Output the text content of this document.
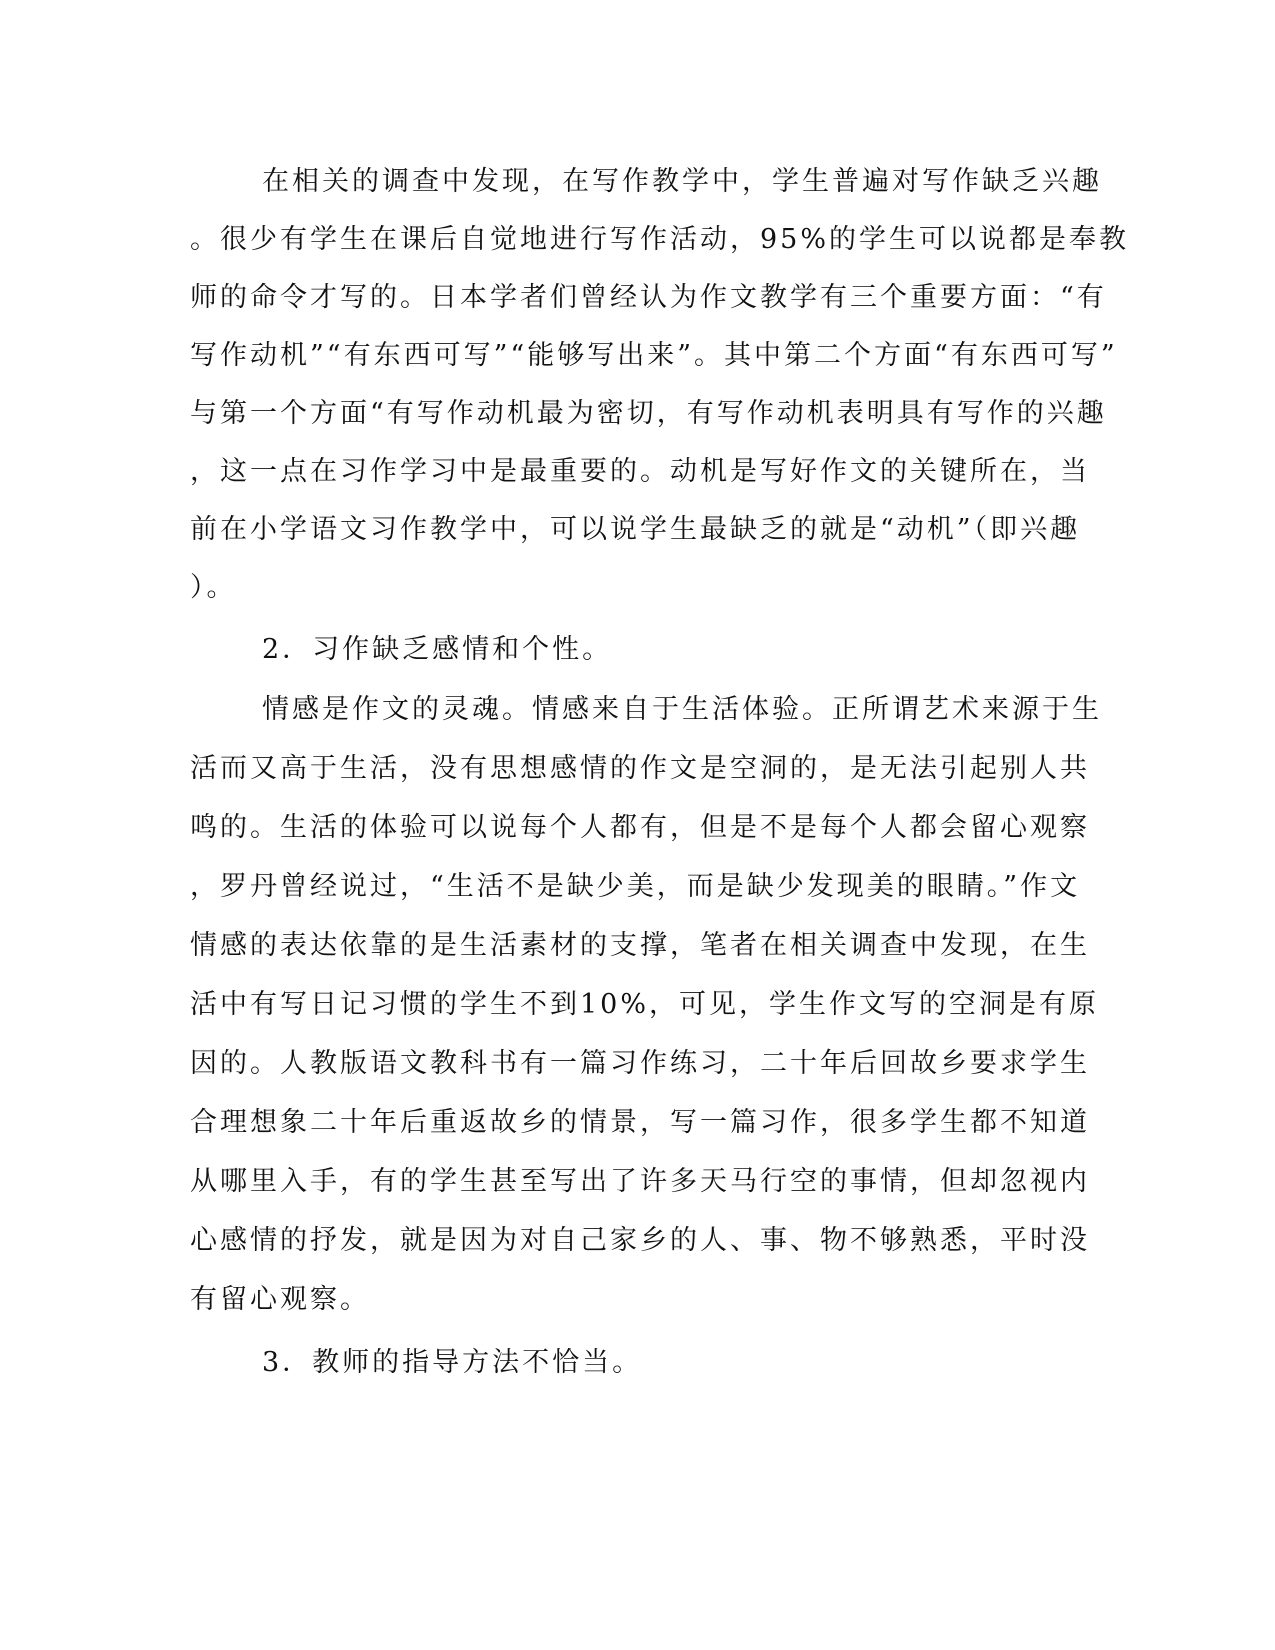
在相关的调查中发现，在写作教学中，学生普遍对写作缺乏兴趣
。很少有学生在课后自觉地进行写作活动，95%的学生可以说都是奉教
师的命令才写的。日本学者们曾经认为作文教学有三个重要方面：“有
写作动机”“有东西可写”“能够写出来”。其中第二个方面“有东西可写”
与第一个方面“有写作动机最为密切，有写作动机表明具有写作的兴趣
，这一点在习作学习中是最重要的。动机是写好作文的关键所在，当
前在小学语文习作教学中，可以说学生最缺乏的就是“动机”（即兴趣
）。
2．习作缺乏感情和个性。
情感是作文的灵魂。情感来自于生活体验。正所谓艺术来源于生
活而又高于生活，没有思想感情的作文是空洞的，是无法引起别人共
鸣的。生活的体验可以说每个人都有，但是不是每个人都会留心观察
，罗丹曾经说过，“生活不是缺少美，而是缺少发现美的眼睛。”作文
情感的表达依靠的是生活素材的支撑，笔者在相关调查中发现，在生
活中有写日记习惯的学生不到10%，可见，学生作文写的空洞是有原
因的。人教版语文教科书有一篇习作练习，二十年后回故乡要求学生
合理想象二十年后重返故乡的情景，写一篇习作，很多学生都不知道
从哪里入手，有的学生甚至写出了许多天马行空的事情，但却忽视内
心感情的抒发，就是因为对自己家乡的人、事、物不够熟悉，平时没
有留心观察。
3．教师的指导方法不恰当。
